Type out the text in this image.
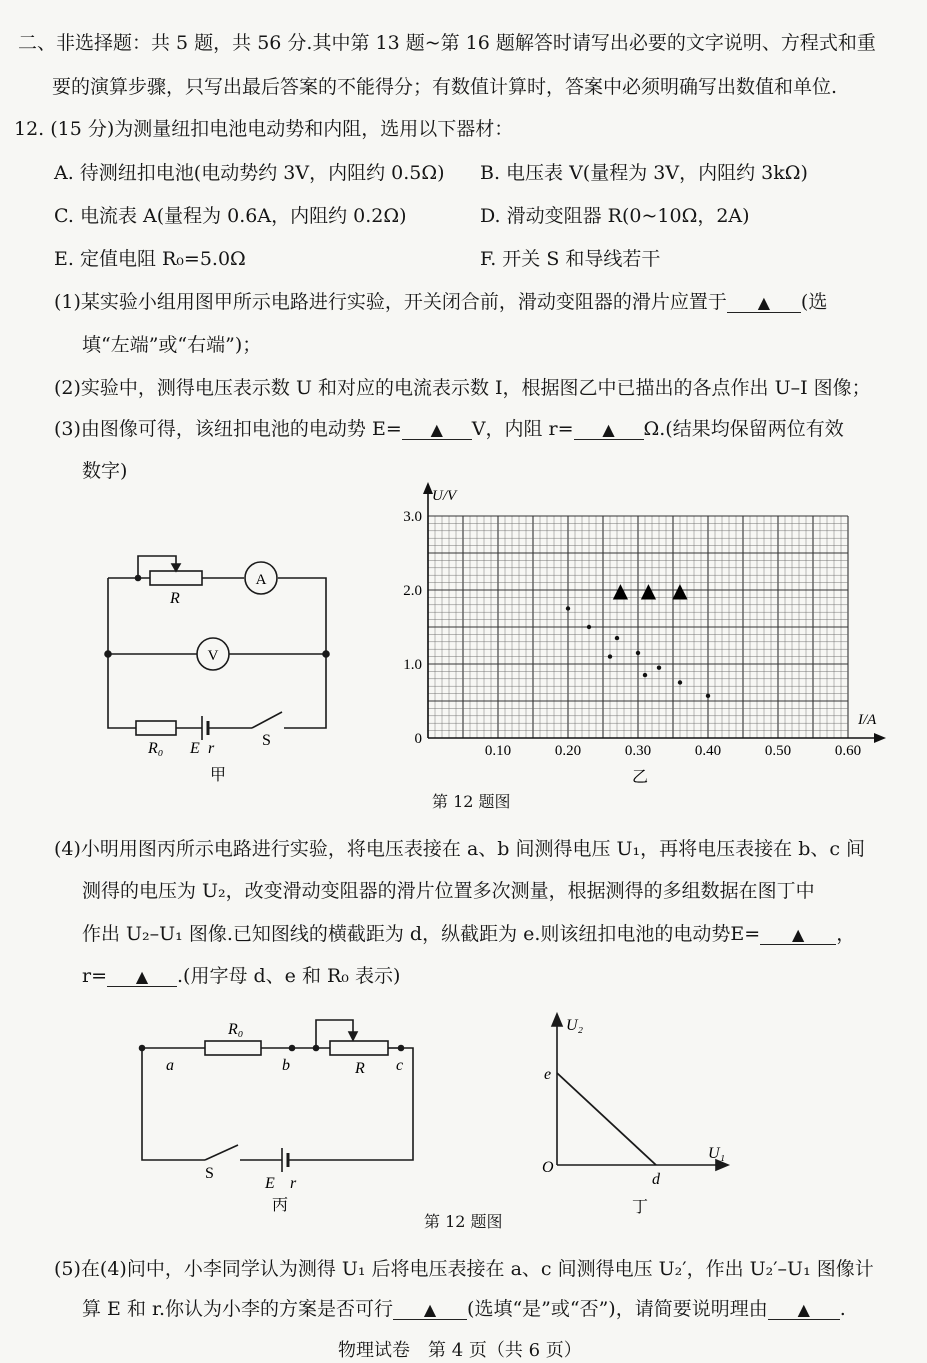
二、非选择题：共 5 题，共 56 分.其中第 13 题~第 16 题解答时请写出必要的文字说明、方程式和重
要的演算步骤，只写出最后答案的不能得分；有数值计算时，答案中必须明确写出数值和单位.
12. (15 分)为测量纽扣电池电动势和内阻，选用以下器材：
A. 待测纽扣电池(电动势约 3V，内阻约 0.5Ω) B. 电压表 V(量程为 3V，内阻约 3kΩ)
C. 电流表 A(量程为 0.6A，内阻约 0.2Ω)	D. 滑动变阻器 R(0~10Ω，2A)
E. 定值电阻 R₀=5.0Ω	F. 开关 S 和导线若干
(1)某实验小组用图甲所示电路进行实验，开关闭合前，滑动变阻器的滑片应置于 ▲ (选
填“左端”或“右端”)；
(2)实验中，测得电压表示数 U 和对应的电流表示数 I，根据图乙中已描出的各点作出 U–I 图像；
(3)由图像可得，该纽扣电池的电动势 E= ▲ V，内阻 r= ▲ Ω.(结果均保留两位有效
数字)
A
V
R
R₀ E r	S
甲
3.0
2.0
1.0
0
0.10	0.20	0.30	0.40	0.50	0.60
U/V
I/A
▲ ▲ ▲
乙
R₀
R
a	b	c
S
E r
丙
U₂
U₁
O
e
d
丁
第 12 题图
(4)小明用图丙所示电路进行实验，将电压表接在 a、b 间测得电压 U₁，再将电压表接在 b、c 间
测得的电压为 U₂，改变滑动变阻器的滑片位置多次测量，根据测得的多组数据在图丁中
作出 U₂–U₁ 图像.已知图线的横截距为 d，纵截距为 e.则该纽扣电池的电动势E= ▲ ，
r= ▲ .(用字母 d、e 和 R₀ 表示)
第 12 题图
(5)在(4)问中，小李同学认为测得 U₁ 后将电压表接在 a、c 间测得电压 U₂′，作出 U₂′–U₁ 图像计
算 E 和 r.你认为小李的方案是否可行 ▲ (选填“是”或“否”)，请简要说明理由 ▲ .
物理试卷　第 4 页（共 6 页）
